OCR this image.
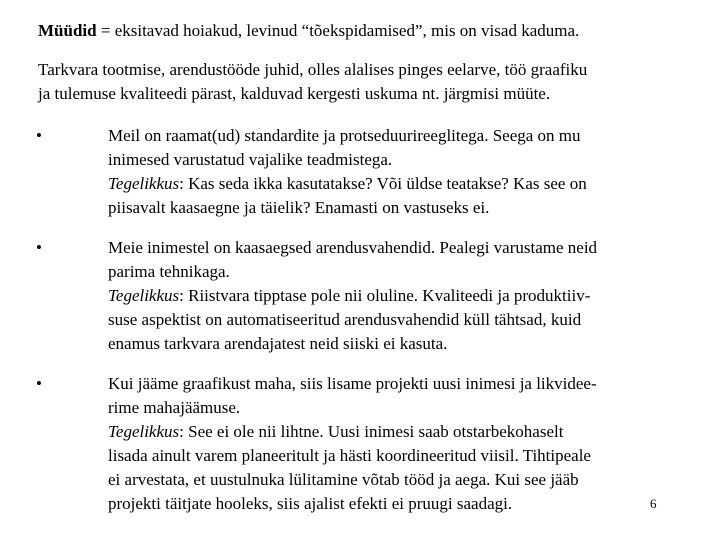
Müüdid = eksitavad hoiakud, levinud “tõekspidamised”, mis on visad kaduma.
Tarkvara tootmise, arendustööde juhid, olles alalises pinges eelarve, töö graafiku
ja tulemuse kvaliteedi pärast, kalduvad kergesti uskuma nt. järgmisi müüte.
•	Meil on raamat(ud) standardite ja protseduurireeglitega. Seega on mu
inimesed varustatud vajalike teadmistega.
Tegelikkus: Kas seda ikka kasutatakse? Või üldse teatakse? Kas see on
piisavalt kaasaegne ja täielik? Enamasti on vastuseks ei.
•	Meie inimestel on kaasaegsed arendusvahendid. Pealegi varustame neid
parima tehnikaga.
Tegelikkus: Riistvara tipptase pole nii oluline. Kvaliteedi ja produktiiv-
suse aspektist on automatiseeritud arendusvahendid küll tähtsad, kuid
enamus tarkvara arendajatest neid siiski ei kasuta.
•	Kui jääme graafikust maha, siis lisame projekti uusi inimesi ja likvidee-
rime mahajäämuse.
Tegelikkus: See ei ole nii lihtne. Uusi inimesi saab otstarbekohaselt
lisada ainult varem planeeritult ja hästi koordineeritud viisil. Tihtipeale
ei arvestata, et uustulnuka lülitamine võtab tööd ja aega. Kui see jääb
projekti täitjate hooleks, siis ajalist efekti ei pruugi saadagi.	6
